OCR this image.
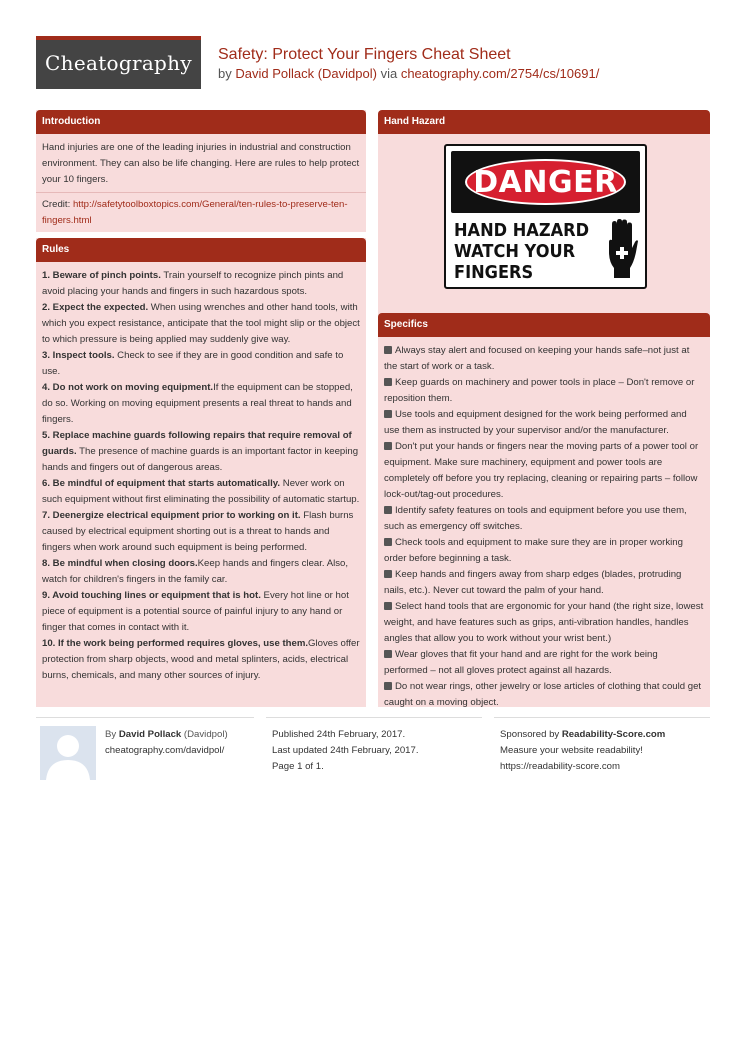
Cheatography Safety: Protect Your Fingers Cheat Sheet
by David Pollack (Davidpol) via cheatography.com/2754/cs/10691/
Introduction
Hand injuries are one of the leading injuries in industrial and construction environment. They can also be life changing. Here are rules to help protect your 10 fingers.
Credit: http://safetytoolboxtopics.com/General/ten-rules-to-preserve-ten-fingers.html
Rules
1. Beware of pinch points. Train yourself to recognize pinch pints and avoid placing your hands and fingers in such hazardous spots.
2. Expect the expected. When using wrenches and other hand tools, with which you expect resistance, anticipate that the tool might slip or the object to which pressure is being applied may suddenly give way.
3. Inspect tools. Check to see if they are in good condition and safe to use.
4. Do not work on moving equipment.If the equipment can be stopped, do so. Working on moving equipment presents a real threat to hands and fingers.
5. Replace machine guards following repairs that require removal of guards. The presence of machine guards is an important factor in keeping hands and fingers out of dangerous areas.
6. Be mindful of equipment that starts automatically. Never work on such equipment without first eliminating the possibility of automatic startup.
7. Deenergize electrical equipment prior to working on it. Flash burns caused by electrical equipment shorting out is a threat to hands and fingers when work around such equipment is being performed.
8. Be mindful when closing doors.Keep hands and fingers clear. Also, watch for children's fingers in the family car.
9. Avoid touching lines or equipment that is hot. Every hot line or hot piece of equipment is a potential source of painful injury to any hand or finger that comes in contact with it.
10. If the work being performed requires gloves, use them.Gloves offer protection from sharp objects, wood and metal splinters, acids, electrical burns, chemicals, and many other sources of injury.
Hand Hazard
DANGER
HAND HAZARD
WATCH YOUR
FINGERS
Specifics
Always stay alert and focused on keeping your hands safe–not just at the start of work or a task.
Keep guards on machinery and power tools in place – Don't remove or reposition them.
Use tools and equipment designed for the work being performed and use them as instructed by your supervisor and/or the manufacturer.
Don't put your hands or fingers near the moving parts of a power tool or equipment. Make sure machinery, equipment and power tools are completely off before you try replacing, cleaning or repairing parts – follow lock-out/tag-out procedures.
Identify safety features on tools and equipment before you use them, such as emergency off switches.
Check tools and equipment to make sure they are in proper working order before beginning a task.
Keep hands and fingers away from sharp edges (blades, protruding nails, etc.). Never cut toward the palm of your hand.
Select hand tools that are ergonomic for your hand (the right size, lowest weight, and have features such as grips, anti-vibration handles, handles angles that allow you to work without your wrist bent.)
Wear gloves that fit your hand and are right for the work being performed – not all gloves protect against all hazards.
Do not wear rings, other jewelry or lose articles of clothing that could get caught on a moving object.
By David Pollack (Davidpol)
cheatography.com/davidpol/
Published 24th February, 2017.
Last updated 24th February, 2017.
Page 1 of 1.
Sponsored by Readability-Score.com
Measure your website readability!
https://readability-score.com
